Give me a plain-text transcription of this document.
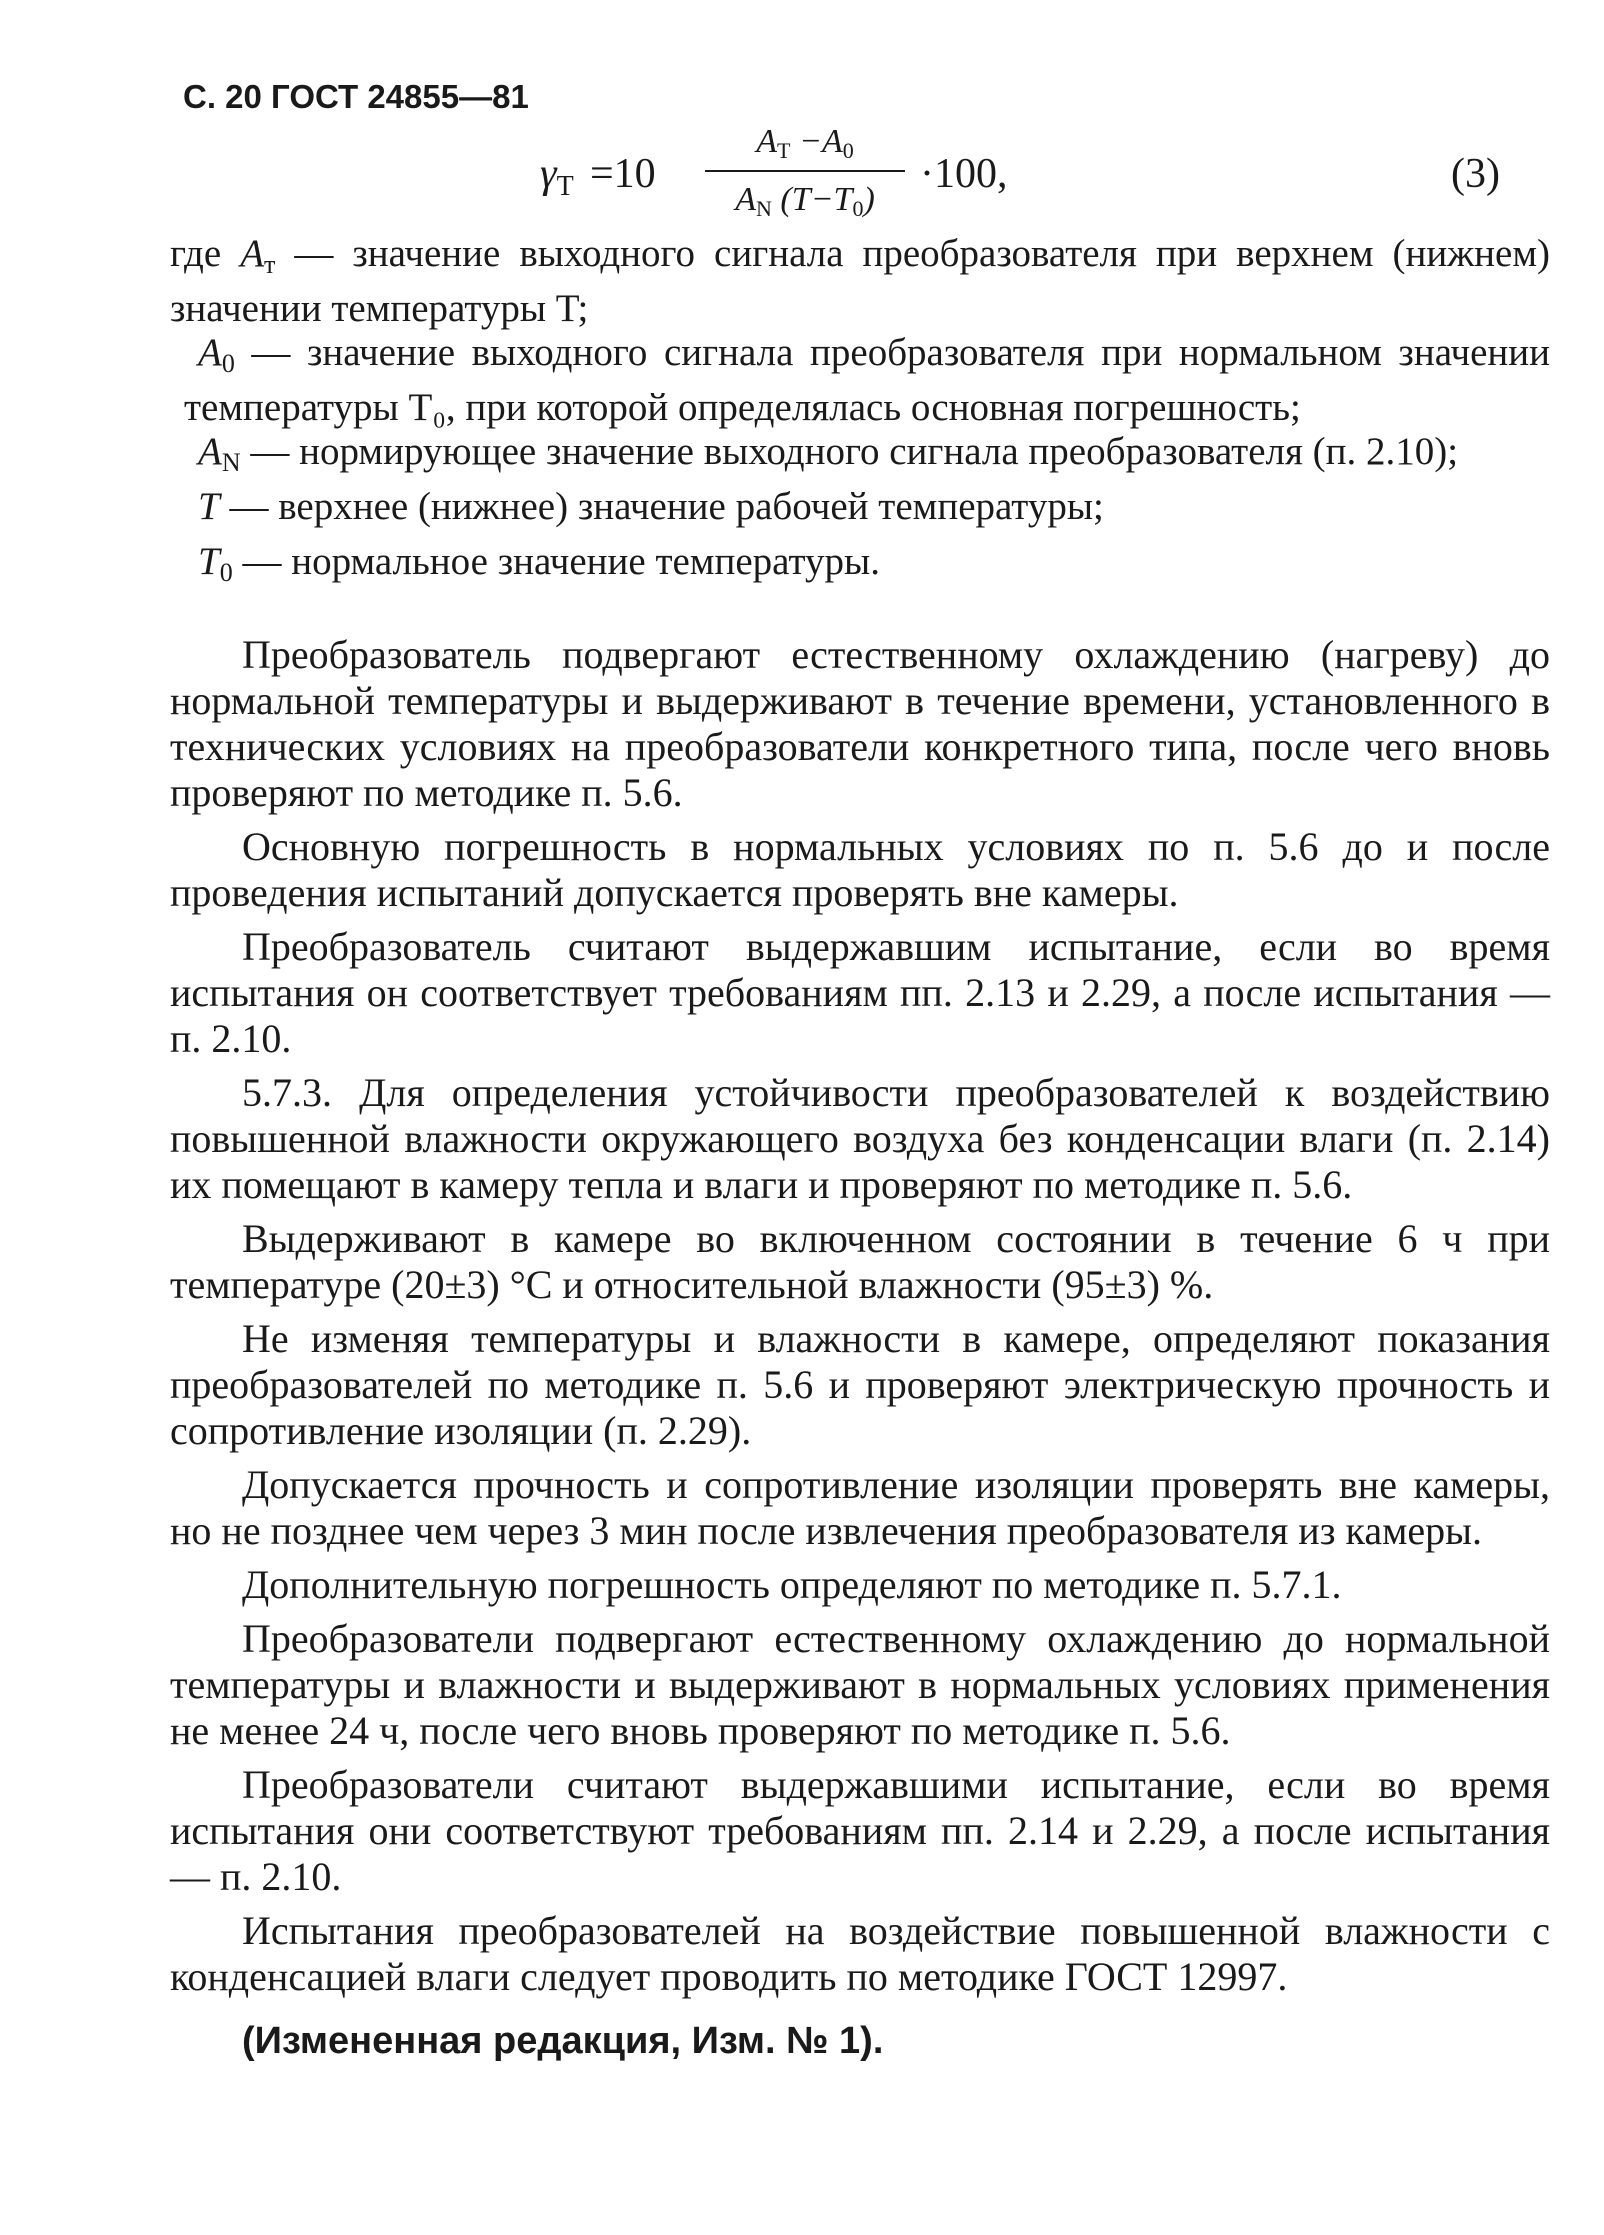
С. 20 ГОСТ 24855—81
$\gamma_T =10$
AT −A0
AN (T−T0)
·100,	(3)
где $A_т$ — значение выходного сигнала преобразователя при верхнем (нижнем) значении температуры T;
$A_0$ — значение выходного сигнала преобразователя при нормальном значении температуры T₀, при которой определялась основная погрешность;
$A_N$ — нормирующее значение выходного сигнала преобразователя (п. 2.10);
T — верхнее (нижнее) значение рабочей температуры;
$T_0$ — нормальное значение температуры.

Преобразователь подвергают естественному охлаждению (нагреву) до нормальной температуры и выдерживают в течение времени, установленного в технических условиях на преобразователи конкретного типа, после чего вновь проверяют по методике п. 5.6.

Основную погрешность в нормальных условиях по п. 5.6 до и после проведения испытаний допускается проверять вне камеры.

Преобразователь считают выдержавшим испытание, если во время испытания он соответствует требованиям пп. 2.13 и 2.29, а после испытания — п. 2.10.

5.7.3. Для определения устойчивости преобразователей к воздействию повышенной влажности окружающего воздуха без конденсации влаги (п. 2.14) их помещают в камеру тепла и влаги и проверяют по методике п. 5.6.

Выдерживают в камере во включенном состоянии в течение 6 ч при температуре (20±3) °С и относительной влажности (95±3) %.

Не изменяя температуры и влажности в камере, определяют показания преобразователей по методике п. 5.6 и проверяют электрическую прочность и сопротивление изоляции (п. 2.29).

Допускается прочность и сопротивление изоляции проверять вне камеры, но не позднее чем через 3 мин после извлечения преобразователя из камеры.

Дополнительную погрешность определяют по методике п. 5.7.1.

Преобразователи подвергают естественному охлаждению до нормальной температуры и влажности и выдерживают в нормальных условиях применения не менее 24 ч, после чего вновь проверяют по методике п. 5.6.

Преобразователи считают выдержавшими испытание, если во время испытания они соответствуют требованиям пп. 2.14 и 2.29, а после испытания — п. 2.10.

Испытания преобразователей на воздействие повышенной влажности с конденсацией влаги следует проводить по методике ГОСТ 12997.

(Измененная редакция, Изм. № 1).
